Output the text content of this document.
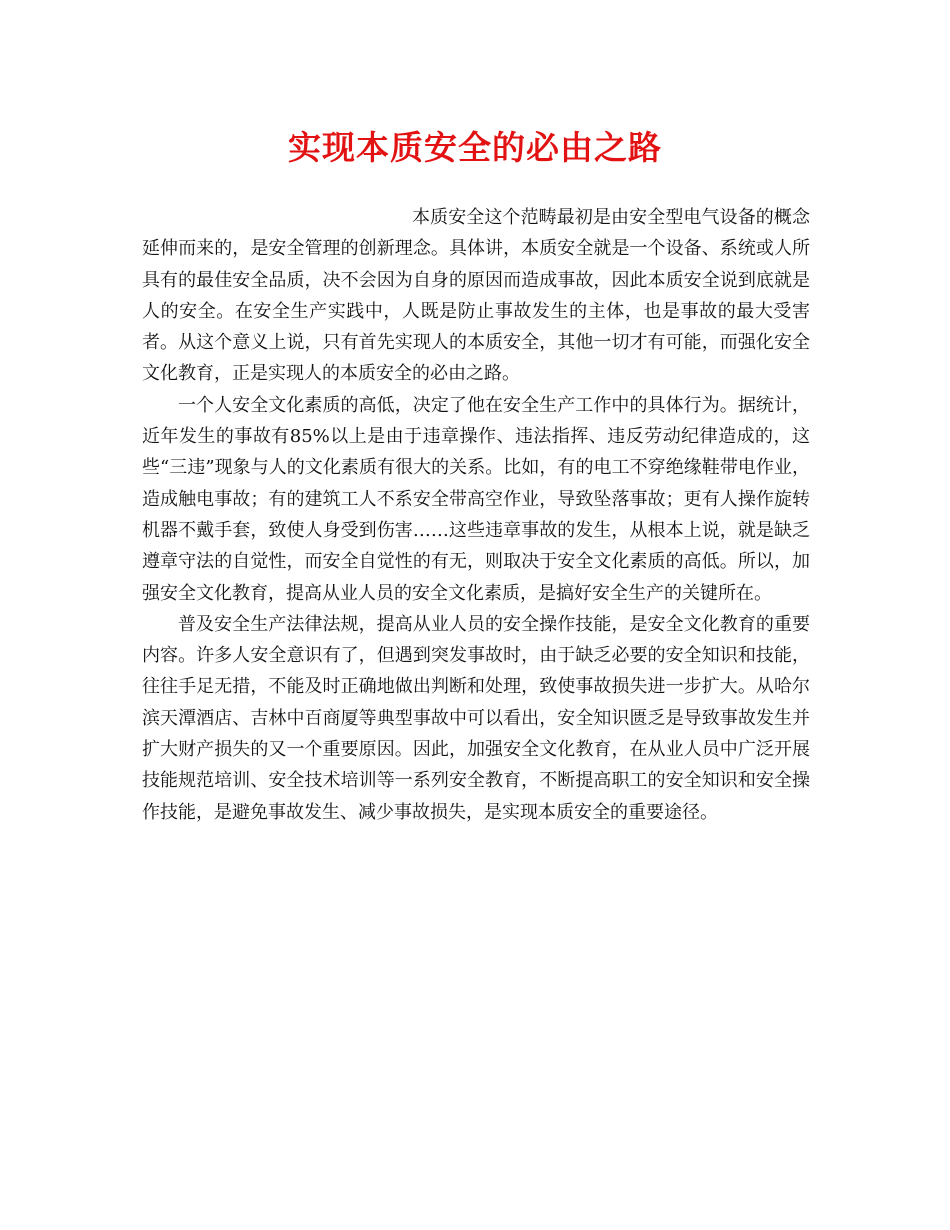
实现本质安全的必由之路

本质安全这个范畴最初是由安全型电气设备的概念延伸而来的，是安全管理的创新理念。具体讲，本质安全就是一个设备、系统或人所具有的最佳安全品质，决不会因为自身的原因而造成事故，因此本质安全说到底就是人的安全。在安全生产实践中，人既是防止事故发生的主体，也是事故的最大受害者。从这个意义上说，只有首先实现人的本质安全，其他一切才有可能，而强化安全文化教育，正是实现人的本质安全的必由之路。

一个人安全文化素质的高低，决定了他在安全生产工作中的具体行为。据统计，近年发生的事故有85%以上是由于违章操作、违法指挥、违反劳动纪律造成的，这些“三违”现象与人的文化素质有很大的关系。比如，有的电工不穿绝缘鞋带电作业，造成触电事故；有的建筑工人不系安全带高空作业，导致坠落事故；更有人操作旋转机器不戴手套，致使人身受到伤害……这些违章事故的发生，从根本上说，就是缺乏遵章守法的自觉性，而安全自觉性的有无，则取决于安全文化素质的高低。所以，加强安全文化教育，提高从业人员的安全文化素质，是搞好安全生产的关键所在。

普及安全生产法律法规，提高从业人员的安全操作技能，是安全文化教育的重要内容。许多人安全意识有了，但遇到突发事故时，由于缺乏必要的安全知识和技能，往往手足无措，不能及时正确地做出判断和处理，致使事故损失进一步扩大。从哈尔滨天潭酒店、吉林中百商厦等典型事故中可以看出，安全知识匮乏是导致事故发生并扩大财产损失的又一个重要原因。因此，加强安全文化教育，在从业人员中广泛开展技能规范培训、安全技术培训等一系列安全教育，不断提高职工的安全知识和安全操作技能，是避免事故发生、减少事故损失，是实现本质安全的重要途径。
